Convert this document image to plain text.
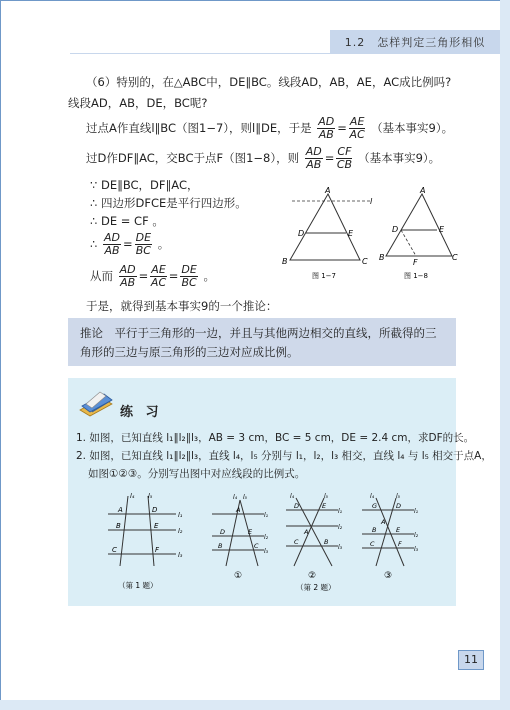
1.2　怎样判定三角形相似
（6）特别的，在△ABC中，DE∥BC。线段AD，AB，AE，AC成比例吗?
线段AD，AB，DE，BC呢?
过点A作直线l∥BC（图1−7），则l∥DE，于是 $\frac{AD}{AB} = \frac{AE}{AC}$ （基本事实9）。
过D作DF∥AC，交BC于点F（图1−8），则 $\frac{AD}{AB} = \frac{CF}{CB}$ （基本事实9）。
∵ DE∥BC，DF∥AC，
∴ 四边形DFCE是平行四边形。
∴ DE = CF 。
∴ $\frac{AD}{AB} = \frac{DE}{BC}$ 。
从而 $\frac{AD}{AB} = \frac{AE}{AC} = \frac{DE}{BC}$ 。
于是，就得到基本事实9的一个推论：
A
l
D	E
B	C
图 1−7
A
D	E
B
F
C
图 1−8
推论　平行于三角形的一边，并且与其他两边相交的直线，所截得的三角形的三边与原三角形的三边对应成比例。
练 习
1. 如图，已知直线 l₁∥l₂∥l₃，AB = 3 cm，BC = 5 cm，DE = 2.4 cm，求DF的长。
2. 如图，已知直线 l₁∥l₂∥l₃，直线 l₄，l₅ 分别与 l₁，l₂，l₃ 相交，直线 l₄ 与 l₅ 相交于点A，
如图①②③。分别写出图中对应线段的比例式。
l₄ l₅
l₁
l₂
l₃
A
B
C
D
E
F
（第 1 题）
l₄ l₅
l₁
l₂
l₃
A
D	E
B	C
①
l₄	l₅
l₁
l₂
l₃
D	E
A
C	B
②
（第 2 题）
l₄	l₅
l₁
l₂
l₃
G	D
A
B	E
C	F
③
11
